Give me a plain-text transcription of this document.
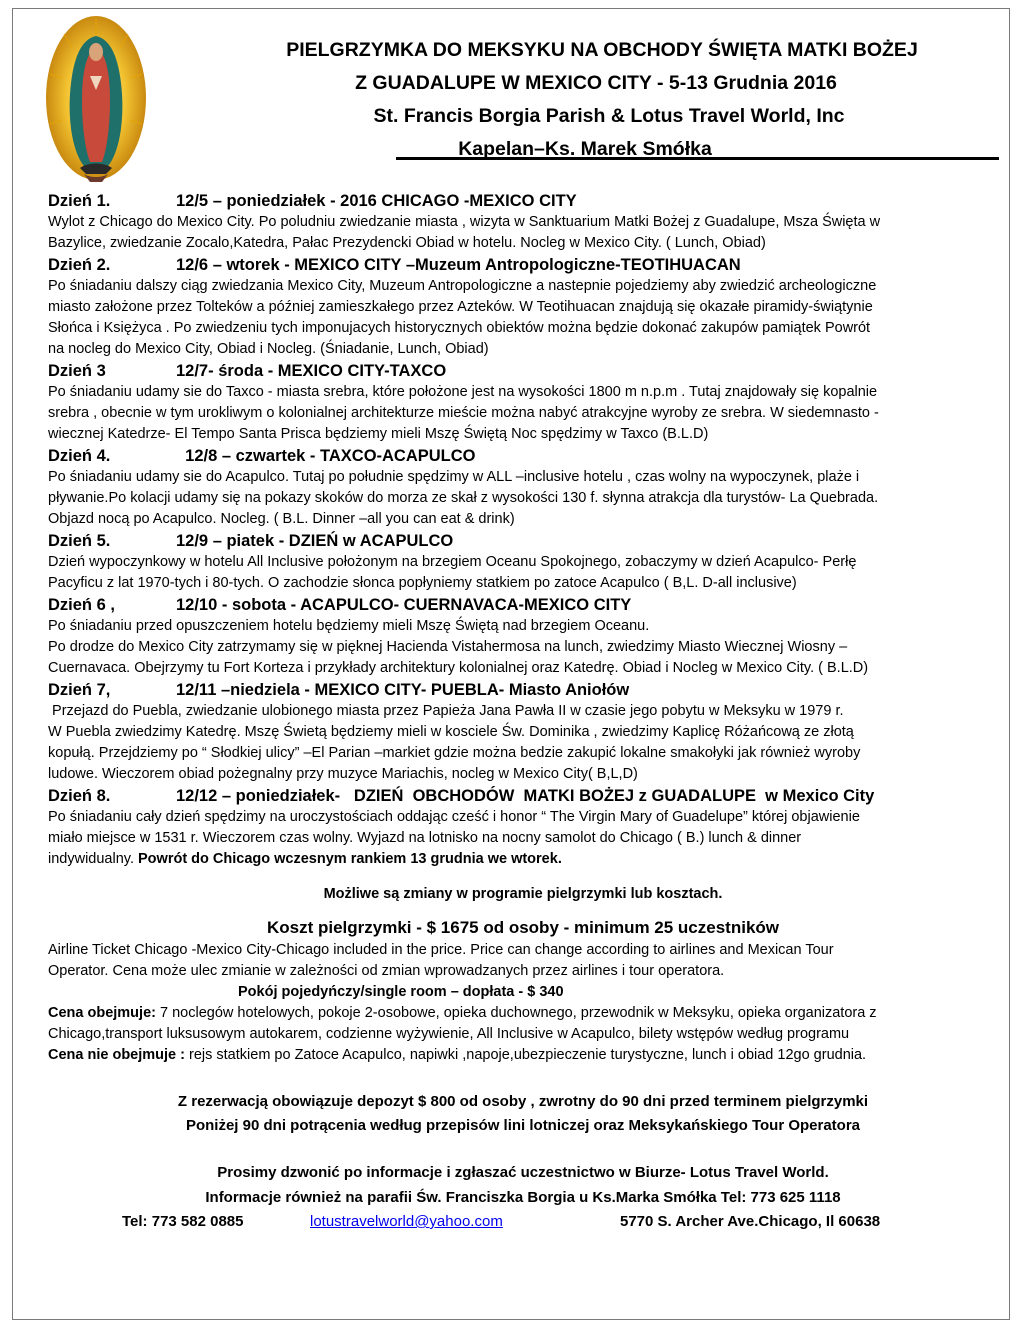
PIELGRZYMKA DO MEKSYKU NA OBCHODY ŚWIĘTA MATKI BOŻEJ
Z GUADALUPE W MEXICO CITY - 5-13 Grudnia 2016
St. Francis Borgia Parish & Lotus Travel World, Inc
Kapelan–Ks. Marek Smółka
Dzień 1.	12/5 – poniedziałek - 2016 CHICAGO -MEXICO CITY

Wylot z Chicago do Mexico City. Po poludniu zwiedzanie miasta , wizyta w Sanktuarium Matki Bożej z Guadalupe, Msza Święta w

Bazylice, zwiedzanie Zocalo,Katedra, Pałac Prezydencki Obiad w hotelu. Nocleg w Mexico City. ( Lunch, Obiad)

Dzień 2.	12/6 – wtorek - MEXICO CITY –Muzeum Antropologiczne-TEOTIHUACAN

Po śniadaniu dalszy ciąg zwiedzania Mexico City, Muzeum Antropologiczne a nastepnie pojedziemy aby zwiedzić archeologiczne

miasto założone przez Tolteków a później zamieszkałego przez Azteków. W Teotihuacan znajdują się okazałe piramidy-świątynie

Słońca i Księżyca . Po zwiedzeniu tych imponujacych historycznych obiektów można będzie dokonać zakupów pamiątek Powrót

na nocleg do Mexico City, Obiad i Nocleg. (Śniadanie, Lunch, Obiad)

Dzień 3	12/7- środa - MEXICO CITY-TAXCO

Po śniadaniu udamy sie do Taxco - miasta srebra, które położone jest na wysokości 1800 m n.p.m . Tutaj znajdowały się kopalnie

srebra , obecnie w tym urokliwym o kolonialnej architekturze mieście można nabyć atrakcyjne wyroby ze srebra. W siedemnasto -

wiecznej Katedrze- El Tempo Santa Prisca będziemy mieli Mszę Świętą Noc spędzimy w Taxco (B.L.D)

Dzień 4.	12/8 – czwartek - TAXCO-ACAPULCO

Po śniadaniu udamy sie do Acapulco. Tutaj po południe spędzimy w ALL –inclusive hotelu , czas wolny na wypoczynek, plaże i

pływanie.Po kolacji udamy się na pokazy skoków do morza ze skał z wysokości 130 f. słynna atrakcja dla turystów- La Quebrada.

Objazd nocą po Acapulco. Nocleg. ( B.L. Dinner –all you can eat & drink)

Dzień 5.	12/9 – piatek - DZIEŃ w ACAPULCO

Dzień wypoczynkowy w hotelu All Inclusive położonym na brzegiem Oceanu Spokojnego, zobaczymy w dzień Acapulco- Perłę

Pacyficu z lat 1970-tych i 80-tych. O zachodzie słonca popłyniemy statkiem po zatoce Acapulco ( B,L. D-all inclusive)

Dzień 6 ,	12/10 - sobota - ACAPULCO- CUERNAVACA-MEXICO CITY

Po śniadaniu przed opuszczeniem hotelu będziemy mieli Mszę Świętą nad brzegiem Oceanu.

Po drodze do Mexico City zatrzymamy się w pięknej Hacienda Vistahermosa na lunch, zwiedzimy Miasto Wiecznej Wiosny –

Cuernavaca. Obejrzymy tu Fort Korteza i przykłady architektury kolonialnej oraz Katedrę. Obiad i Nocleg w Mexico City. ( B.L.D)

Dzień 7,	12/11 –niedziela - MEXICO CITY- PUEBLA- Miasto Aniołów

Przejazd do Puebla, zwiedzanie ulobionego miasta przez Papieża Jana Pawła II w czasie jego pobytu w Meksyku w 1979 r.

W Puebla zwiedzimy Katedrę. Mszę Świetą będziemy mieli w kosciele Św. Dominika , zwiedzimy Kaplicę Różańcową ze złotą

kopułą. Przejdziemy po “ Słodkiej ulicy” –El Parian –markiet gdzie można bedzie zakupić lokalne smakołyki jak również wyroby

ludowe. Wieczorem obiad pożegnalny przy muzyce Mariachis, nocleg w Mexico City( B,L,D)

Dzień 8.	12/12 – poniedziałek-   DZIEŃ  OBCHODÓW  MATKI BOŻEJ z GUADALUPE  w Mexico City

Po śniadaniu cały dzień spędzimy na uroczystościach oddając cześć i honor “ The Virgin Mary of Guadelupe” której objawienie

miało miejsce w 1531 r. Wieczorem czas wolny. Wyjazd na lotnisko na nocny samolot do Chicago ( B.) lunch & dinner

indywidualny. Powrót do Chicago wczesnym rankiem 13 grudnia we wtorek.

Możliwe są zmiany w programie pielgrzymki lub kosztach.
Koszt pielgrzymki - $ 1675 od osoby - minimum 25 uczestników
Airline Ticket Chicago -Mexico City-Chicago included in the price. Price can change according to airlines and Mexican Tour
Operator. Cena może ulec zmianie w zależności od zmian wprowadzanych przez airlines i tour operatora.
Pokój pojedyńczy/single room – dopłata - $ 340
Cena obejmuje: 7 noclegów hotelowych, pokoje 2-osobowe, opieka duchownego, przewodnik w Meksyku, opieka organizatora z
Chicago,transport luksusowym autokarem, codzienne wyżywienie, All Inclusive w Acapulco, bilety wstępów według programu
Cena nie obejmuje : rejs statkiem po Zatoce Acapulco, napiwki ,napoje,ubezpieczenie turystyczne, lunch i obiad 12go grudnia.
Z rezerwacją obowiązuje depozyt $ 800 od osoby , zwrotny do 90 dni przed terminem pielgrzymki
Poniżej 90 dni potrącenia według przepisów lini lotniczej oraz Meksykańskiego Tour Operatora
Prosimy dzwonić po informacje i zgłaszać uczestnictwo w Biurze- Lotus Travel World.
Informacje również na parafii Św. Franciszka Borgia u Ks.Marka Smółka Tel: 773 625 1118
Tel: 773 582 0885	lotustravelworld@yahoo.com	5770 S. Archer Ave.Chicago, Il 60638
